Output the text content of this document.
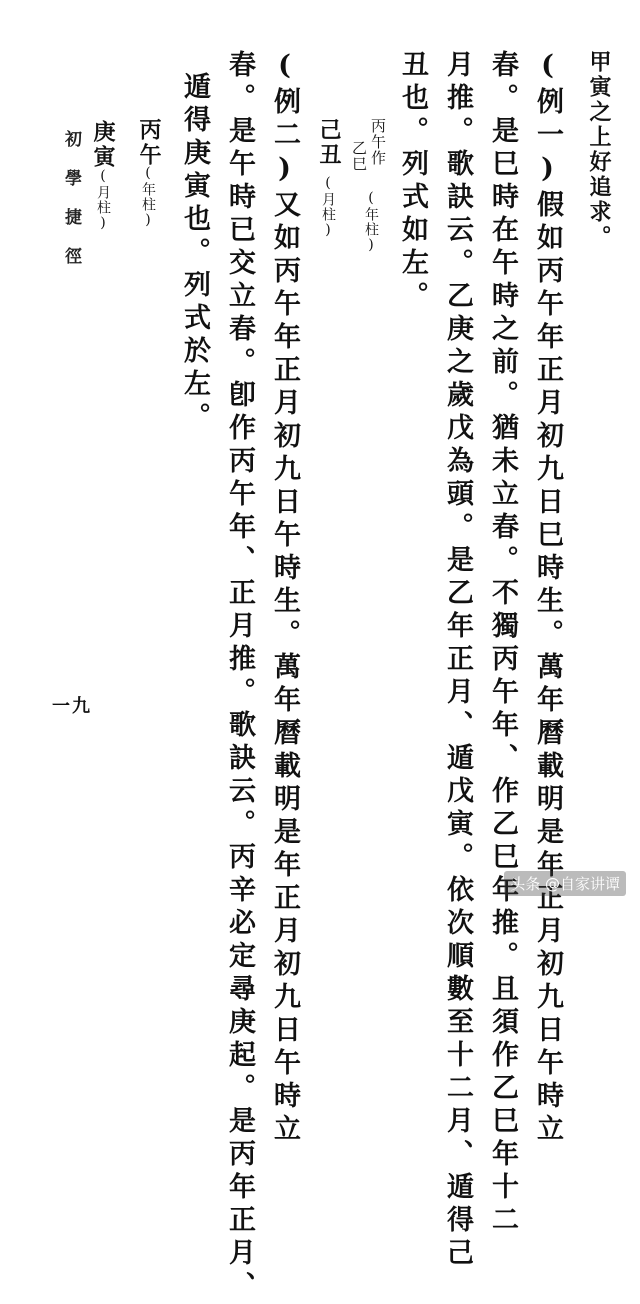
甲寅之上好追求。
(例一)假如丙午年正月初九日巳時生。萬年曆載明是年正月初九日午時立
春。是巳時在午時之前。猶未立春。不獨丙午年、作乙巳年推。且須作乙巳年十二
月推。歌訣云。乙庚之歲戊為頭。是乙年正月、遁戊寅。依次順數至十二月、遁得己
丑也。列式如左。
丙午作
乙巳
(年柱)
己丑
(月柱)
(例二)又如丙午年正月初九日午時生。萬年曆載明是年正月初九日午時立
春。是午時已交立春。卽作丙午年、正月推。歌訣云。丙辛必定尋庚起。是丙年正月、
遁得庚寅也。列式於左。
丙午
(年柱)
庚寅
(月柱)
初學捷徑
一九
头条 @自家讲谭
